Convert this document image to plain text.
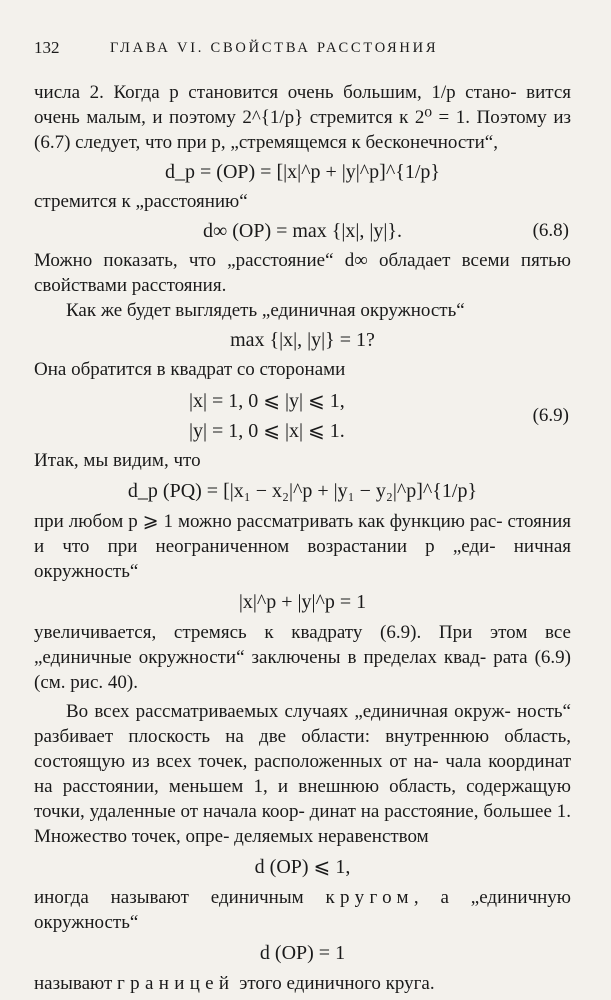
132	ГЛАВА VI. СВОЙСТВА РАССТОЯНИЯ

числа 2. Когда p становится очень большим, 1/p стано- вится очень малым, и поэтому 2^{1/p} стремится к 2⁰ = 1. Поэтому из (6.7) следует, что при p, „стремящемся к бесконечности“,

d_p = (OP) = [|x|^p + |y|^p]^{1/p}

стремится к „расстоянию“

d∞ (OP) = max {|x|, |y|}.	(6.8)

Можно показать, что „расстояние“ d∞ обладает всеми пятью свойствами расстояния.

Как же будет выглядеть „единичная окружность“

max {|x|, |y|} = 1?

Она обратится в квадрат со сторонами

|x| = 1, 0 ⩽ |y| ⩽ 1,
|y| = 1, 0 ⩽ |x| ⩽ 1.
(6.9)

Итак, мы видим, что

d_p (PQ) = [|x₁ − x₂|^p + |y₁ − y₂|^p]^{1/p}

при любом p ⩾ 1 можно рассматривать как функцию рас- стояния и что при неограниченном возрастании p „еди- ничная окружность“

|x|^p + |y|^p = 1

увеличивается, стремясь к квадрату (6.9). При этом все „единичные окружности“ заключены в пределах квад- рата (6.9) (см. рис. 40).

Во всех рассматриваемых случаях „единичная окруж- ность“ разбивает плоскость на две области: внутреннюю область, состоящую из всех точек, расположенных от на- чала координат на расстоянии, меньшем 1, и внешнюю область, содержащую точки, удаленные от начала коор- динат на расстояние, большее 1. Множество точек, опре- деляемых неравенством

d (OP) ⩽ 1,

иногда называют единичным кругом, а „единичную окружность“

d (OP) = 1

называют границей этого единичного круга.
